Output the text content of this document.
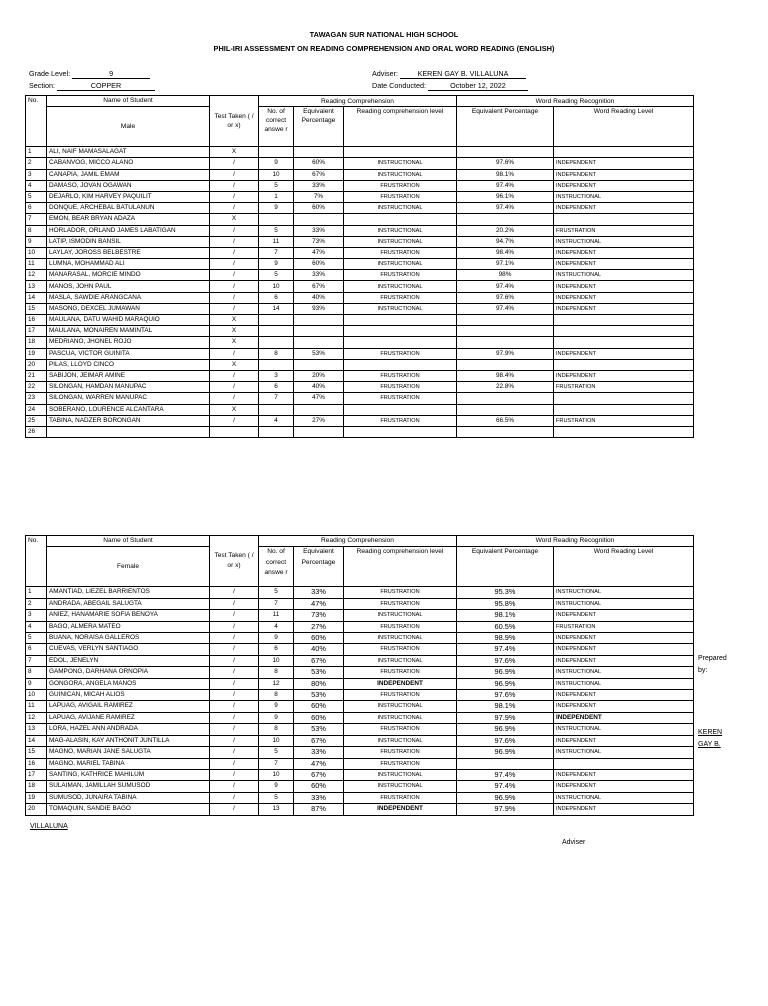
TAWAGAN SUR NATIONAL HIGH SCHOOL
PHIL-IRI ASSESSMENT ON READING COMPREHENSION AND ORAL WORD READING (ENGLISH)
Grade Level:	9
Section:	COPPER
Adviser:	KEREN GAY B. VILLALUNA
Date Conducted:	October 12, 2022
No.	Name of Student	Test Taken ( / or x)	Reading Comprehension			Word Reading Recognition	
	Male		No. of correct answe r	Equivalent Percentage	Reading comprehension level	Equivalent Percentage	Word Reading Level
1	ALI, NAIF MAMASALAGAT	X					
2	CABANVOG, MICCO ALANO	/	9	60%	INSTRUCTIONAL	97.6%	INDEPENDENT
3	CANAPIA, JAMIL EMAM	/	10	67%	INSTRUCTIONAL	98.1%	INDEPENDENT
4	DAMASO, JOVAN OGAWAN	/	5	33%	FRUSTRATION	97.4%	INDEPENDENT
5	DEJARLO, KIM HARVEY PAQUILIT	/	1	7%	FRUSTRATION	96.1%	INSTRUCTIONAL
6	DONQUE, ARCHEBAL BATULANUN	/	9	60%	INSTRUCTIONAL	97.4%	INDEPENDENT
7	EMON, BEAR BRYAN ADAZA	X					
8	HORLADOR, ORLAND JAMES LABATIGAN	/	5	33%	INSTRUCTIONAL	20.2%	FRUSTRATION
9	LATIP, ISMODIN BANSIL	/	11	73%	INSTRUCTIONAL	94.7%	INSTRUCTIONAL
10	LAYLAY, JOROSS BELBESTRE	/	7	47%	FRUSTRATION	98.4%	INDEPENDENT
11	LUMNA, MOHAMMAD ALI	/	9	60%	INSTRUCTIONAL	97.1%	INDEPENDENT
12	MANARASAL, MORCIE MINDO	/	5	33%	FRUSTRATION	98%	INSTRUCTIONAL
13	MANOS, JOHN PAUL	/	10	67%	INSTRUCTIONAL	97.4%	INDEPENDENT
14	MASLA, SAWDIE ARANGCANA	/	6	40%	FRUSTRATION	97.6%	INDEPENDENT
15	MASONG, DEXCEL JUMAWAN	/	14	93%	INSTRUCTIONAL	97.4%	INDEPENDENT
16	MAULANA, DATU WAHID MARAQUIO	X					
17	MAULANA, MONAIREN MAMINTAL	X					
18	MEDRIANO, JHONEL ROJO	X					
19	PASCUA, VICTOR GUINITA	/	8	53%	FRUSTRATION	97.9%	INDEPENDENT
20	PILAS, LLOYD CINCO	X					
21	SABIJON, JEIMAR AMINE	/	3	20%	FRUSTRATION	98.4%	INDEPENDENT
22	SILONGAN, HAMDAN MANUPAC	/	6	40%	FRUSTRATION	22.8%	FRUSTRATION
23	SILONGAN, WARREN MANUPAC	/	7	47%	FRUSTRATION		
24	SOBERANO, LOURENCE ALCANTARA	X					
25	TABINA, NADZER BORONGAN	/	4	27%	FRUSTRATION	66.5%	FRUSTRATION
26							
No.	Name of Student	Test Taken ( / or x)	Reading Comprehension			Word Reading Recognition	
	Female		No. of correct answe r	Equivalent Percentage	Reading comprehension level	Equivalent Percentage	Word Reading Level
1	AMANTIAD, LIEZEL BARRIENTOS	/	5	33%	FRUSTRATION	95.3%	INSTRUCTIONAL
2	ANDRADA, ABEGAIL SALUGTA	/	7	47%	FRUSTRATION	95.8%	INSTRUCTIONAL
3	ANIEZ, HANAMARIE SOFIA BENOYA	/	11	73%	INSTRUCTIONAL	98.1%	INDEPENDENT
4	BAGO, ALMERA MATEO	/	4	27%	FRUSTRATION	60.5%	FRUSTRATION
5	BUANA, NORAISA GALLEROS	/	9	60%	INSTRUCTIONAL	98.9%	INDEPENDENT
6	CUEVAS, VERLYN SANTIAGO	/	6	40%	FRUSTRATION	97.4%	INDEPENDENT
7	EDOL, JENELYN	/	10	67%	INSTRUCTIONAL	97.6%	INDEPENDENT
8	GAMPONG, DARHANA ORNOPIA	/	8	53%	FRUSTRATION	96.9%	INSTRUCTIONAL
9	GONGORA, ANGELA MANOS	/	12	80%	INDEPENDENT	96.9%	INSTRUCTIONAL
10	GUINICAN, MICAH ALIOS	/	8	53%	FRUSTRATION	97.6%	INDEPENDENT
11	LAPUAG, AVIGAIL RAMIREZ	/	9	60%	INSTRUCTIONAL	98.1%	INDEPENDENT
12	LAPUAG, AVIJANE RAMIREZ	/	9	60%	INSTRUCTIONAL	97.9%	INDEPENDENT
13	LORA, HAZEL ANN ANDRADA	/	8	53%	FRUSTRATION	96.9%	INSTRUCTIONAL
14	MAG-ALASIN, KAY ANTHONIT JUNTILLA	/	10	67%	INSTRUCTIONAL	97.6%	INDEPENDENT
15	MAGNO, MARIAN JANE SALUGTA	/	5	33%	FRUSTRATION	96.9%	INSTRUCTIONAL
16	MAGNO, MARIEL TABINA	/	7	47%	FRUSTRATION		
17	SANTING, KATHRICE MAHILUM	/	10	67%	INSTRUCTIONAL	97.4%	INDEPENDENT
18	SULAIMAN, JAMILLAH SUMUSOD	/	9	60%	INSTRUCTIONAL	97.4%	INDEPENDENT
19	SUMUSOD, JUNAIRA TABINA	/	5	33%	FRUSTRATION	96.9%	INSTRUCTIONAL
20	TOMAQUIN, SANDIE BAGO	/	13	87%	INDEPENDENT	97.9%	INDEPENDENT
Prepared by:
KEREN
GAY B.
VILLALUNA
Adviser
